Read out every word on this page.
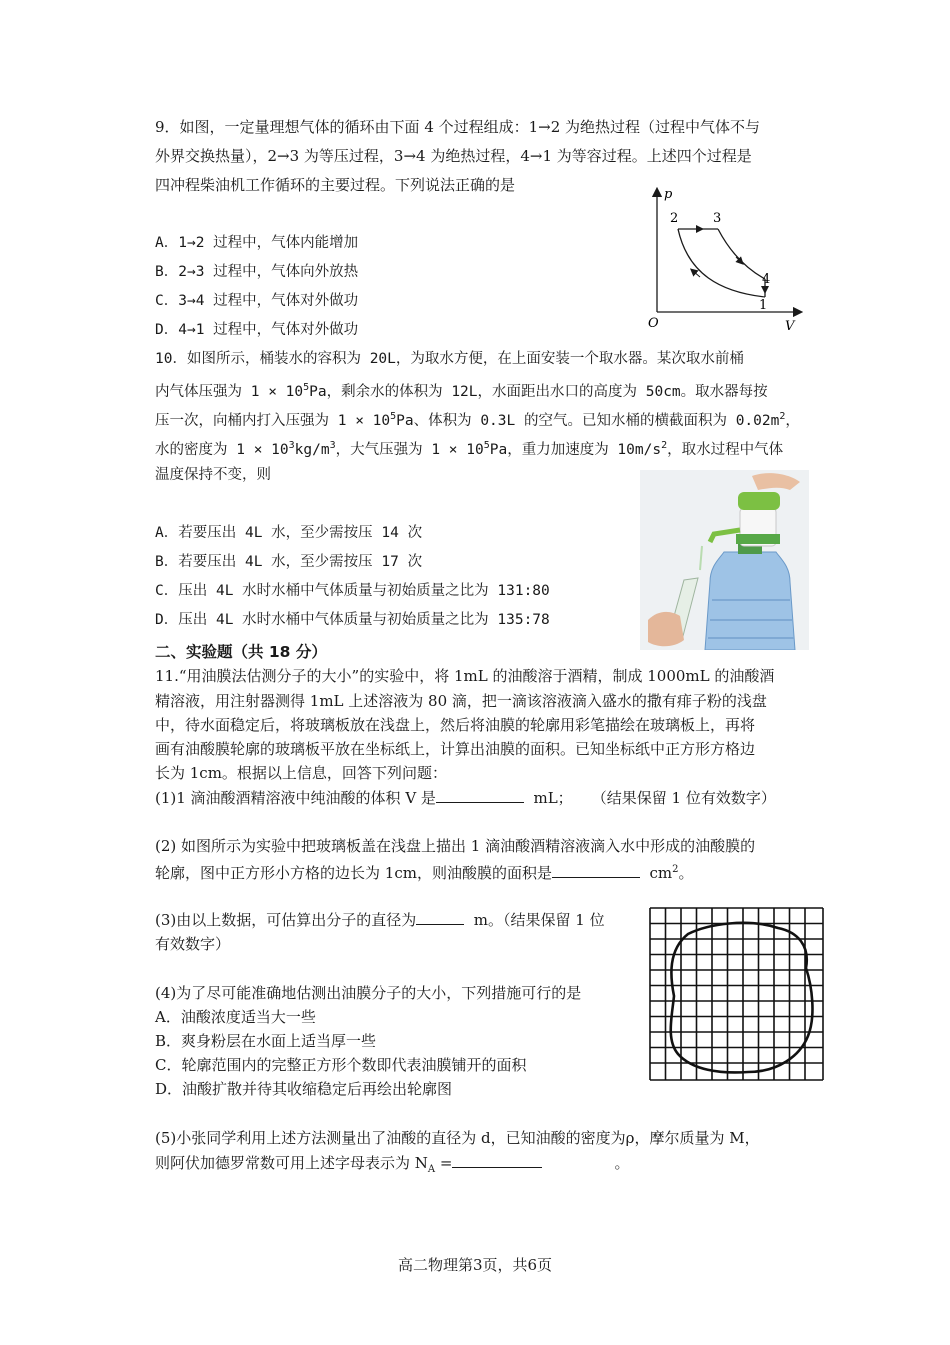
9．如图，一定量理想气体的循环由下面 4 个过程组成：1→2 为绝热过程（过程中气体不与
外界交换热量），2→3 为等压过程，3→4 为绝热过程，4→1 为等容过程。上述四个过程是
四冲程柴油机工作循环的主要过程。下列说法正确的是
A．1→2 过程中，气体内能增加
B．2→3 过程中，气体向外放热
C．3→4 过程中，气体对外做功
D．4→1 过程中，气体对外做功
p
V
O
2	3
4
1
10．如图所示，桶装水的容积为 20L，为取水方便，在上面安装一个取水器。某次取水前桶
内气体压强为 $1 \times 10^5Pa$，剩余水的体积为 12L，水面距出水口的高度为 50cm。取水器每按
压一次，向桶内打入压强为 $1 \times 10^5Pa$、体积为 0.3L 的空气。已知水桶的横截面积为 $0.02m^2$，
水的密度为 $1 \times 10^3kg/m^3$，大气压强为 $1 \times 10^5Pa$，重力加速度为 $10m/s^2$，取水过程中气体
温度保持不变，则
A．若要压出 4L 水，至少需按压 14 次
B．若要压出 4L 水，至少需按压 17 次
C．压出 4L 水时水桶中气体质量与初始质量之比为 131:80
D．压出 4L 水时水桶中气体质量与初始质量之比为 135:78
二、实验题（共 18 分）
11.“用油膜法估测分子的大小”的实验中，将 1mL 的油酸溶于酒精，制成 1000mL 的油酸酒
精溶液，用注射器测得 1mL 上述溶液为 80 滴，把一滴该溶液滴入盛水的撒有痱子粉的浅盘
中，待水面稳定后，将玻璃板放在浅盘上，然后将油膜的轮廓用彩笔描绘在玻璃板上，再将
画有油酸膜轮廓的玻璃板平放在坐标纸上，计算出油膜的面积。已知坐标纸中正方形方格边
长为 1cm。根据以上信息，回答下列问题：
(1)1 滴油酸酒精溶液中纯油酸的体积 V 是	mL； （结果保留 1 位有效数字）
(2) 如图所示为实验中把玻璃板盖在浅盘上描出 1 滴油酸酒精溶液滴入水中形成的油酸膜的
轮廓，图中正方形小方格的边长为 1cm，则油酸膜的面积是	$cm^2$。
(3)由以上数据，可估算出分子的直径为	m。（结果保留 1 位
有效数字）
(4)为了尽可能准确地估测出油膜分子的大小，下列措施可行的是
A．油酸浓度适当大一些
B．爽身粉层在水面上适当厚一些
C．轮廓范围内的完整正方形个数即代表油膜铺开的面积
D．油酸扩散并待其收缩稳定后再绘出轮廓图
(5)小张同学利用上述方法测量出了油酸的直径为 d，已知油酸的密度为ρ，摩尔质量为 M，
则阿伏加德罗常数可用上述字母表示为 $N_A$ =	。
高二物理第3页，共6页
